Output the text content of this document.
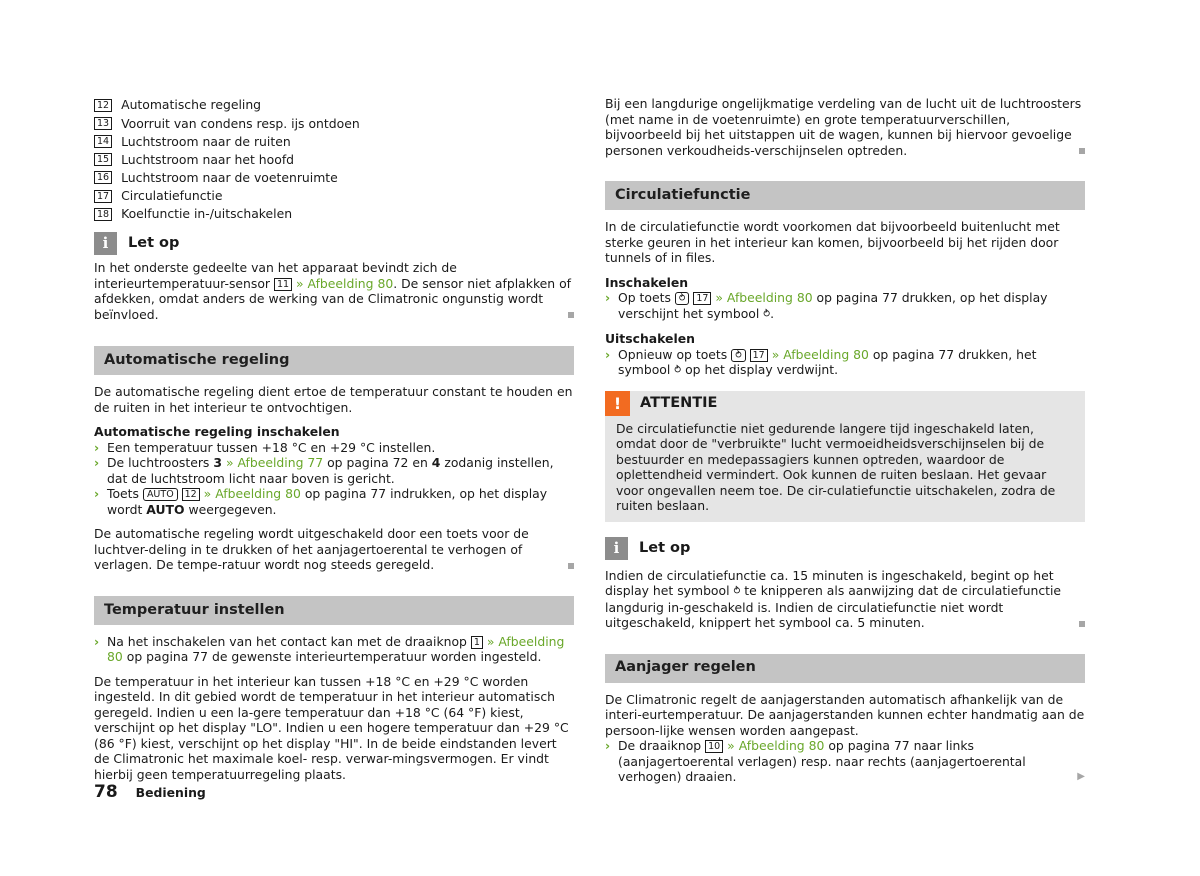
12 Automatische regeling
13 Voorruit van condens resp. ijs ontdoen
14 Luchtstroom naar de ruiten
15 Luchtstroom naar het hoofd
16 Luchtstroom naar de voetenruimte
17 Circulatiefunctie
18 Koelfunctie in-/uitschakelen
i	Let op

In het onderste gedeelte van het apparaat bevindt zich de interieurtemperatuur-sensor 11 » Afbeelding 80. De sensor niet afplakken of afdekken, omdat anders de werking van de Climatronic ongunstig wordt beïnvloed.

Automatische regeling

De automatische regeling dient ertoe de temperatuur constant te houden en de ruiten in het interieur te ontvochtigen.

Automatische regeling inschakelen

› Een temperatuur tussen +18 °C en +29 °C instellen.
› De luchtroosters 3 » Afbeelding 77 op pagina 72 en 4 zodanig instellen, dat de luchtstroom licht naar boven is gericht.
› Toets AUTO 12 » Afbeelding 80 op pagina 77 indrukken, op het display wordt AUTO weergegeven.

De automatische regeling wordt uitgeschakeld door een toets voor de luchtver-deling in te drukken of het aanjagertoerental te verhogen of verlagen. De tempe-ratuur wordt nog steeds geregeld.

Temperatuur instellen
› Na het inschakelen van het contact kan met de draaiknop 1 » Afbeelding 80 op pagina 77 de gewenste interieurtemperatuur worden ingesteld.

De temperatuur in het interieur kan tussen +18 °C en +29 °C worden ingesteld. In dit gebied wordt de temperatuur in het interieur automatisch geregeld. Indien u een la-gere temperatuur dan +18 °C (64 °F) kiest, verschijnt op het display "LO". Indien u een hogere temperatuur dan +29 °C (86 °F) kiest, verschijnt op het display "HI". In de beide eindstanden levert de Climatronic het maximale koel- resp. verwar-mingsvermogen. Er vindt hierbij geen temperatuurregeling plaats.

78 Bediening

Bij een langdurige ongelijkmatige verdeling van de lucht uit de luchtroosters (met name in de voetenruimte) en grote temperatuurverschillen, bijvoorbeeld bij het uitstappen uit de wagen, kunnen bij hiervoor gevoelige personen verkoudheids-verschijnselen optreden.

Circulatiefunctie

In de circulatiefunctie wordt voorkomen dat bijvoorbeeld buitenlucht met sterke geuren in het interieur kan komen, bijvoorbeeld bij het rijden door tunnels of in files.

Inschakelen

› Op toets ⥁ 17 » Afbeelding 80 op pagina 77 drukken, op het display verschijnt het symbool ⥁.

Uitschakelen

› Opnieuw op toets ⥁ 17 » Afbeelding 80 op pagina 77 drukken, het symbool ⥁ op het display verdwijnt.
!	ATTENTIE

De circulatiefunctie niet gedurende langere tijd ingeschakeld laten, omdat door de "verbruikte" lucht vermoeidheidsverschijnselen bij de bestuurder en medepassagiers kunnen optreden, waardoor de oplettendheid vermindert. Ook kunnen de ruiten beslaan. Het gevaar voor ongevallen neem toe. De cir-culatiefunctie uitschakelen, zodra de ruiten beslaan.

i	Let op

Indien de circulatiefunctie ca. 15 minuten is ingeschakeld, begint op het display het symbool ⥁ te knipperen als aanwijzing dat de circulatiefunctie langdurig in-geschakeld is. Indien de circulatiefunctie niet wordt uitgeschakeld, knippert het symbool ca. 5 minuten.

Aanjager regelen

De Climatronic regelt de aanjagerstanden automatisch afhankelijk van de interi-eurtemperatuur. De aanjagerstanden kunnen echter handmatig aan de persoon-lijke wensen worden aangepast.

› De draaiknop 10 » Afbeelding 80 op pagina 77 naar links (aanjagertoerental verlagen) resp. naar rechts (aanjagertoerental verhogen) draaien.	▶
